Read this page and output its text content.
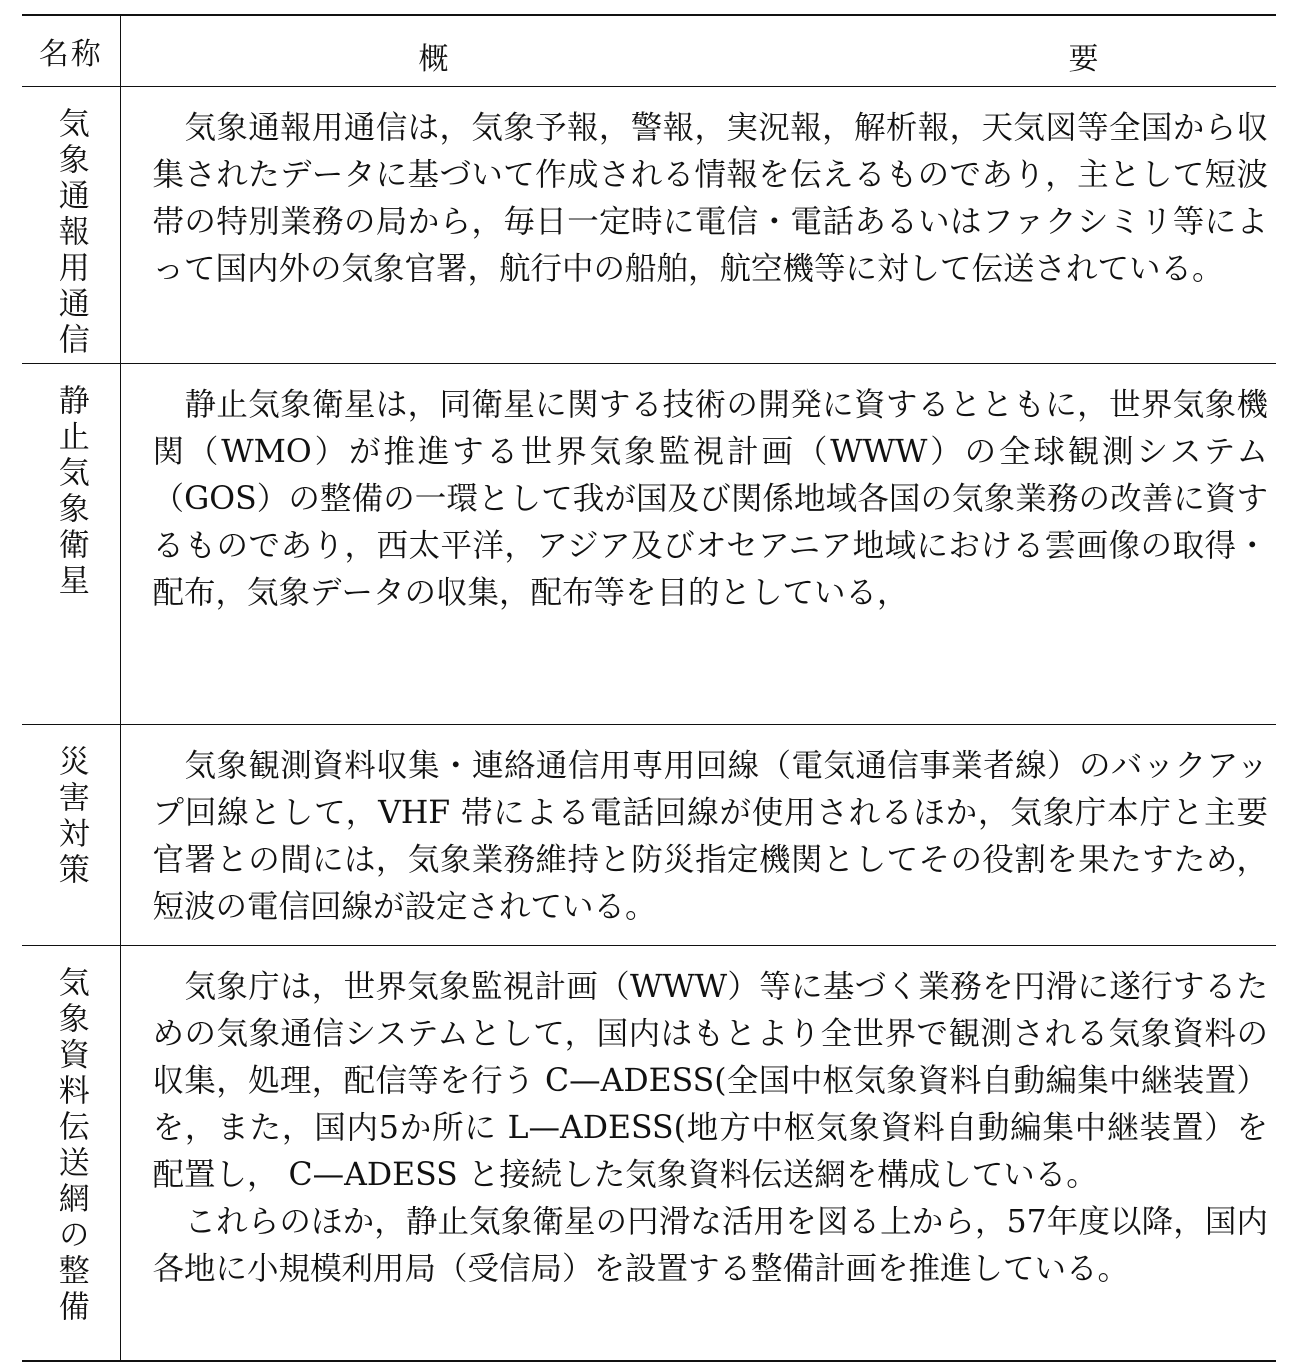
名称	概 要

気象通報用通信	気象通報用通信は，気象予報，警報，実況報，解析報，天気図等全国から収集されたデータに基づいて作成される情報を伝えるものであり，主として短波帯の特別業務の局から，毎日一定時に電信・電話あるいはファクシミリ等によって国内外の気象官署，航行中の船舶，航空機等に対して伝送されている。

静止気象衛星	静止気象衛星は，同衛星に関する技術の開発に資するとともに，世界気象機関（WMO）が推進する世界気象監視計画（WWW）の全球観測システム（GOS）の整備の一環として我が国及び関係地域各国の気象業務の改善に資するものであり，西太平洋，アジア及びオセアニア地域における雲画像の取得・配布，気象データの収集，配布等を目的としている，

災害対策	気象観測資料収集・連絡通信用専用回線（電気通信事業者線）のバックアップ回線として，VHF 帯による電話回線が使用されるほか，気象庁本庁と主要官署との間には，気象業務維持と防災指定機関としてその役割を果たすため，短波の電信回線が設定されている。

気象資料伝送網の整備	気象庁は，世界気象監視計画（WWW）等に基づく業務を円滑に遂行するための気象通信システムとして，国内はもとより全世界で観測される気象資料の収集，処理，配信等を行う C—ADESS(全国中枢気象資料自動編集中継装置）を，また，国内5か所に L—ADESS(地方中枢気象資料自動編集中継装置）を配置し， C—ADESS と接続した気象資料伝送網を構成している。

これらのほか，静止気象衛星の円滑な活用を図る上から，57年度以降，国内各地に小規模利用局（受信局）を設置する整備計画を推進している。
